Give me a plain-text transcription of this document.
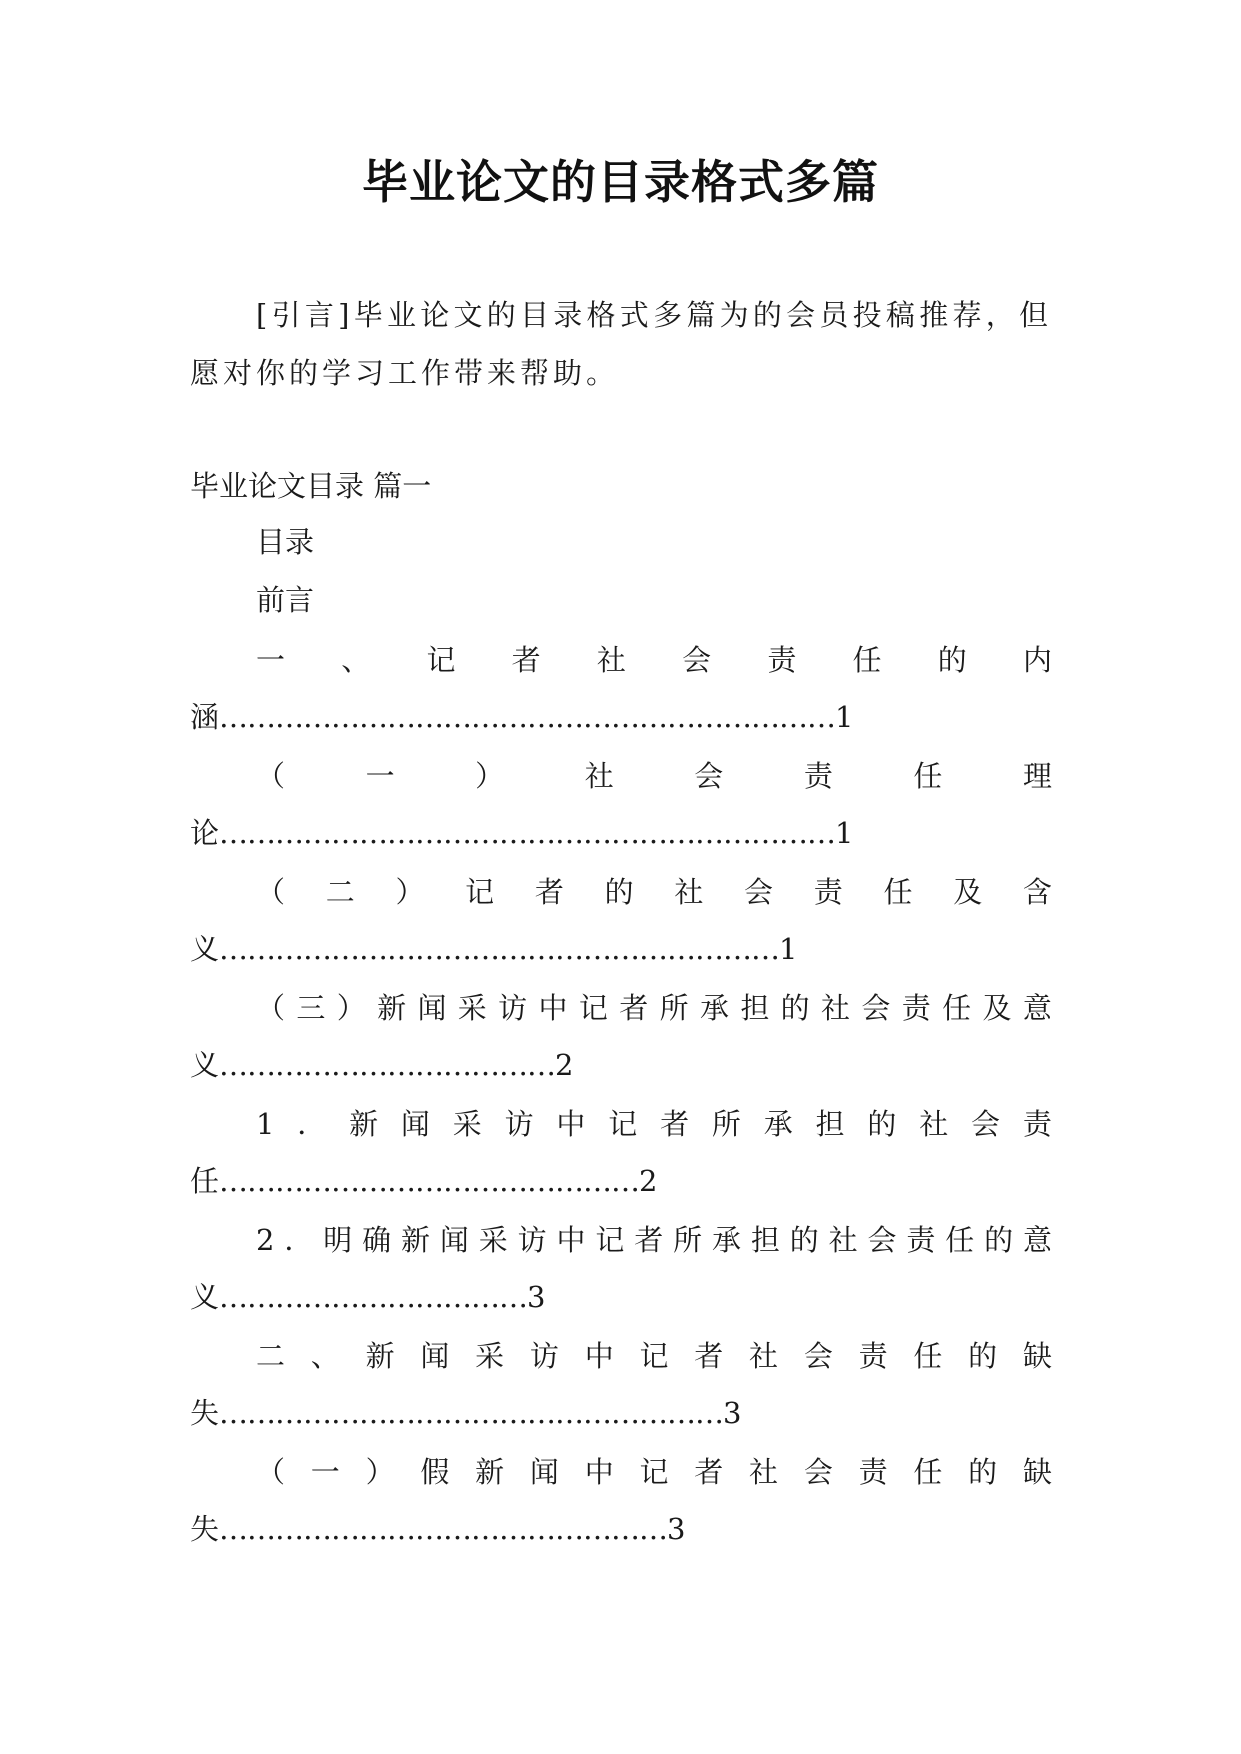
毕业论文的目录格式多篇
[引言]毕业论文的目录格式多篇为的会员投稿推荐，但愿对你的学习工作带来帮助。
毕业论文目录 篇一
目录
前言
一 、 记 者 社 会 责 任 的 内
涵…………………………………………………………1
（	一	）	社	会	责	任	理
论…………………………………………………………1
（ 二 ） 记 者 的 社 会 责 任 及 含
义……………………………………………………1
（ 三 ） 新 闻 采 访 中 记 者 所 承 担 的 社 会 责 任 及 意
义………………………………2
1 ． 新 闻 采 访 中 记 者 所 承 担 的 社 会 责
任………………………………………2
2 ． 明 确 新 闻 采 访 中 记 者 所 承 担 的 社 会 责 任 的 意
义……………………………3
二 、 新 闻 采 访 中 记 者 社 会 责 任 的 缺
失………………………………………………3
（ 一 ） 假 新 闻 中 记 者 社 会 责 任 的 缺
失…………………………………………3
